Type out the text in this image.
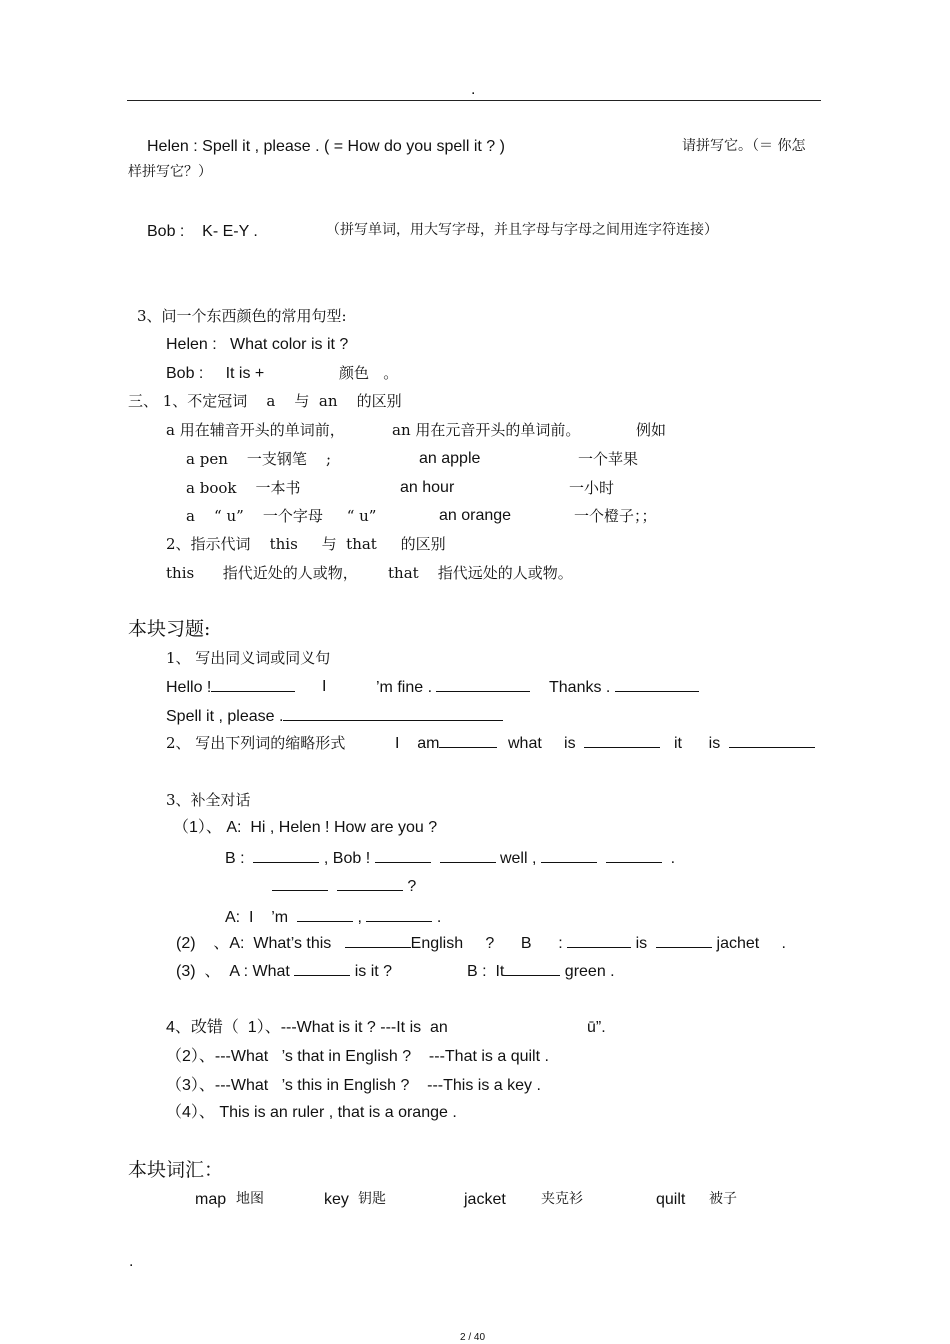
.
Helen : Spell it , please . ( = How do you spell it ? )	请拼写它。（＝ 你怎
样拼写它？）
Bob :    K- E-Y .	（拼写单词，用大写字母，并且字母与字母之间用连字符连接）
3、问一个东西颜色的常用句型:
Helen :   What color is it ?
Bob :     It is +	颜色   。
三、 1、不定冠词    a    与  an    的区别
a 用在辅音开头的单词前，	an 用在元音开头的单词前。	例如
a pen    一支钢笔    ;	an apple	一个苹果
a book    一本书	an hour	一小时
a    “ u”    一个字母     “ u”	an orange	一个橙子；；
2、指示代词    this     与  that     的区别
this      指代近处的人或物， that    指代远处的人或物。
本块习题:
1、 写出同义词或同义句
Hello !	I	’m fine .	Thanks .
Spell it , please .
2、 写出下列词的缩略形式	I    am	what     is	it      is
3、补全对话
（1）、 A:  Hi , Helen ! How are you ?
B :	, Bob !	well ,	.
?
A:  I    ’m	,	.
(2)    、A:  What’s this	English     ?      B      :	is	jachet     .
(3)  、  A : What	is it ?	B :  It	green .
4、改错（  1）、---What is it ? ---It is  an	ū”.
（2）、---What   ’s that in English ?    ---That is a quilt .
（3）、---What   ’s this in English ?    ---This is a key .
（4）、 This is an ruler , that is a orange .
本块词汇：
map 地图	key 钥匙	jacket	夹克衫	quilt 被子
.
2 / 40
